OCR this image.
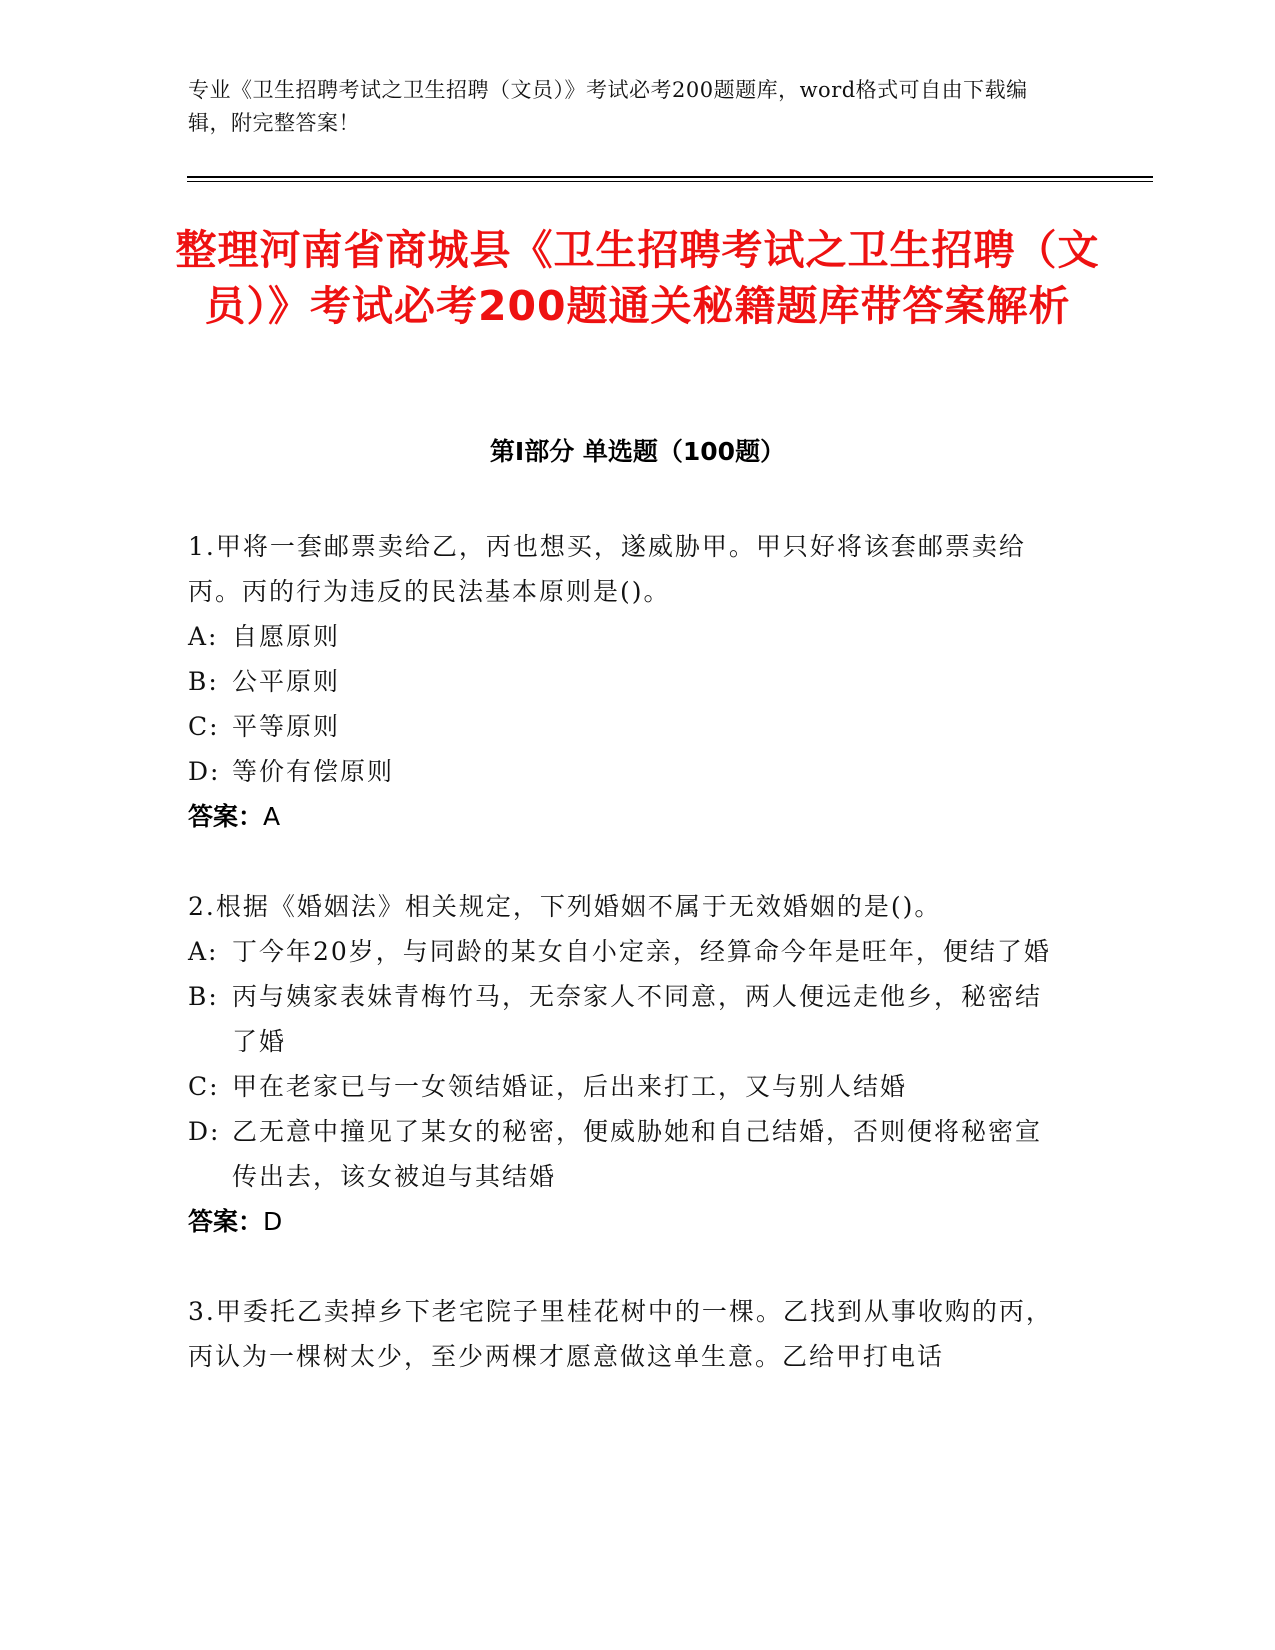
专业《卫生招聘考试之卫生招聘（文员）》考试必考200题题库，word格式可自由下载编辑，附完整答案！
整理河南省商城县《卫生招聘考试之卫生招聘（文员）》考试必考200题通关秘籍题库带答案解析
第Ⅰ部分 单选题（100题）

1.甲将一套邮票卖给乙，丙也想买，遂威胁甲。甲只好将该套邮票卖给丙。丙的行为违反的民法基本原则是()。

A: 自愿原则
B: 公平原则
C: 平等原则
D: 等价有偿原则

答案：A

2.根据《婚姻法》相关规定，下列婚姻不属于无效婚姻的是()。

A: 丁今年20岁，与同龄的某女自小定亲，经算命今年是旺年，便结了婚
B: 丙与姨家表妹青梅竹马，无奈家人不同意，两人便远走他乡，秘密结了婚
C: 甲在老家已与一女领结婚证，后出来打工，又与别人结婚
D: 乙无意中撞见了某女的秘密，便威胁她和自己结婚，否则便将秘密宣传出去，该女被迫与其结婚

答案：D

3.甲委托乙卖掉乡下老宅院子里桂花树中的一棵。乙找到从事收购的丙，丙认为一棵树太少，至少两棵才愿意做这单生意。乙给甲打电话
